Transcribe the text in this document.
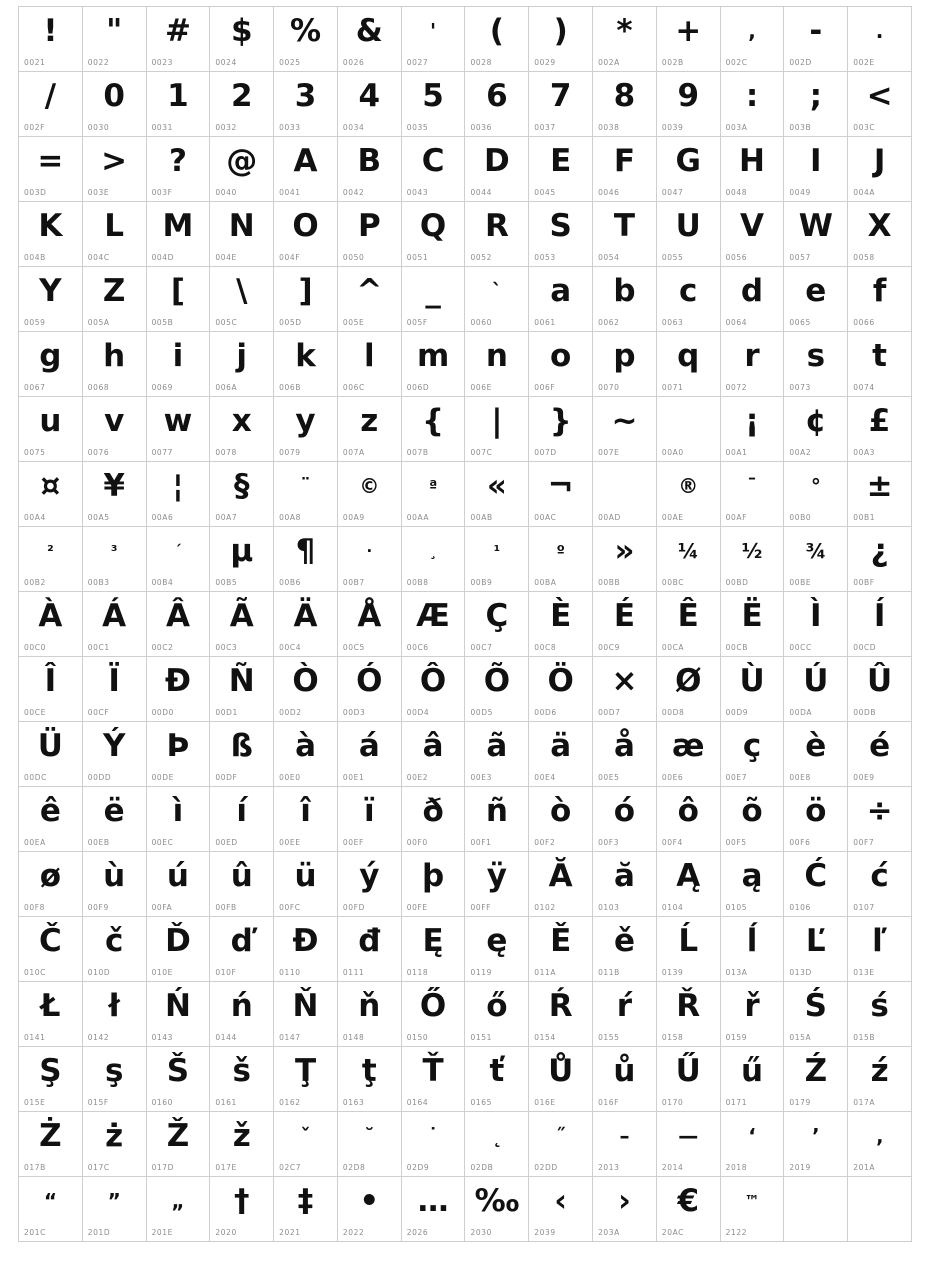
!
0021
"
0022
#
0023
$
0024
%
0025
&
0026
'
0027
(
0028
)
0029
*
002A
+
002B
,
002C
-
002D
.
002E
/
002F
0
0030
1
0031
2
0032
3
0033
4
0034
5
0035
6
0036
7
0037
8
0038
9
0039
:
003A
;
003B
<
003C
=
003D
>
003E
?
003F
@
0040
A
0041
B
0042
C
0043
D
0044
E
0045
F
0046
G
0047
H
0048
I
0049
J
004A
K
004B
L
004C
M
004D
N
004E
O
004F
P
0050
Q
0051
R
0052
S
0053
T
0054
U
0055
V
0056
W
0057
X
0058
Y
0059
Z
005A
[
005B
\
005C
]
005D
^
005E
_
005F
`
0060
a
0061
b
0062
c
0063
d
0064
e
0065
f
0066
g
0067
h
0068
i
0069
j
006A
k
006B
l
006C
m
006D
n
006E
o
006F
p
0070
q
0071
r
0072
s
0073
t
0074
u
0075
v
0076
w
0077
x
0078
y
0079
z
007A
{
007B
|
007C
}
007D
~
007E	00A0
¡
00A1
¢
00A2
£
00A3
¤
00A4
¥
00A5
¦
00A6
§
00A7
¨
00A8
©
00A9
ª
00AA
«
00AB
¬
00AC	00AD
®
00AE
¯
00AF
°
00B0
±
00B1
²
00B2
³
00B3
´
00B4
µ
00B5
¶
00B6
·
00B7
¸
00B8
¹
00B9
º
00BA
»
00BB
¼
00BC
½
00BD
¾
00BE
¿
00BF
À
00C0
Á
00C1
Â
00C2
Ã
00C3
Ä
00C4
Å
00C5
Æ
00C6
Ç
00C7
È
00C8
É
00C9
Ê
00CA
Ë
00CB
Ì
00CC
Í
00CD
Î
00CE
Ï
00CF
Ð
00D0
Ñ
00D1
Ò
00D2
Ó
00D3
Ô
00D4
Õ
00D5
Ö
00D6
×
00D7
Ø
00D8
Ù
00D9
Ú
00DA
Û
00DB
Ü
00DC
Ý
00DD
Þ
00DE
ß
00DF
à
00E0
á
00E1
â
00E2
ã
00E3
ä
00E4
å
00E5
æ
00E6
ç
00E7
è
00E8
é
00E9
ê
00EA
ë
00EB
ì
00EC
í
00ED
î
00EE
ï
00EF
ð
00F0
ñ
00F1
ò
00F2
ó
00F3
ô
00F4
õ
00F5
ö
00F6
÷
00F7
ø
00F8
ù
00F9
ú
00FA
û
00FB
ü
00FC
ý
00FD
þ
00FE
ÿ
00FF
Ă
0102
ă
0103
Ą
0104
ą
0105
Ć
0106
ć
0107
Č
010C
č
010D
Ď
010E
ď
010F
Đ
0110
đ
0111
Ę
0118
ę
0119
Ě
011A
ě
011B
Ĺ
0139
ĺ
013A
Ľ
013D
ľ
013E
Ł
0141
ł
0142
Ń
0143
ń
0144
Ň
0147
ň
0148
Ő
0150
ő
0151
Ŕ
0154
ŕ
0155
Ř
0158
ř
0159
Ś
015A
ś
015B
Ş
015E
ş
015F
Š
0160
š
0161
Ţ
0162
ţ
0163
Ť
0164
ť
0165
Ů
016E
ů
016F
Ű
0170
ű
0171
Ź
0179
ź
017A
Ż
017B
ż
017C
Ž
017D
ž
017E
ˇ
02C7
˘
02D8
˙
02D9
˛
02DB
˝
02DD
–
2013
—
2014
‘
2018
’
2019
‚
201A
“
201C
”
201D
„
201E
†
2020
‡
2021
•
2022
…
2026
‰
2030
‹
2039
›
203A
€
20AC
™
2122
